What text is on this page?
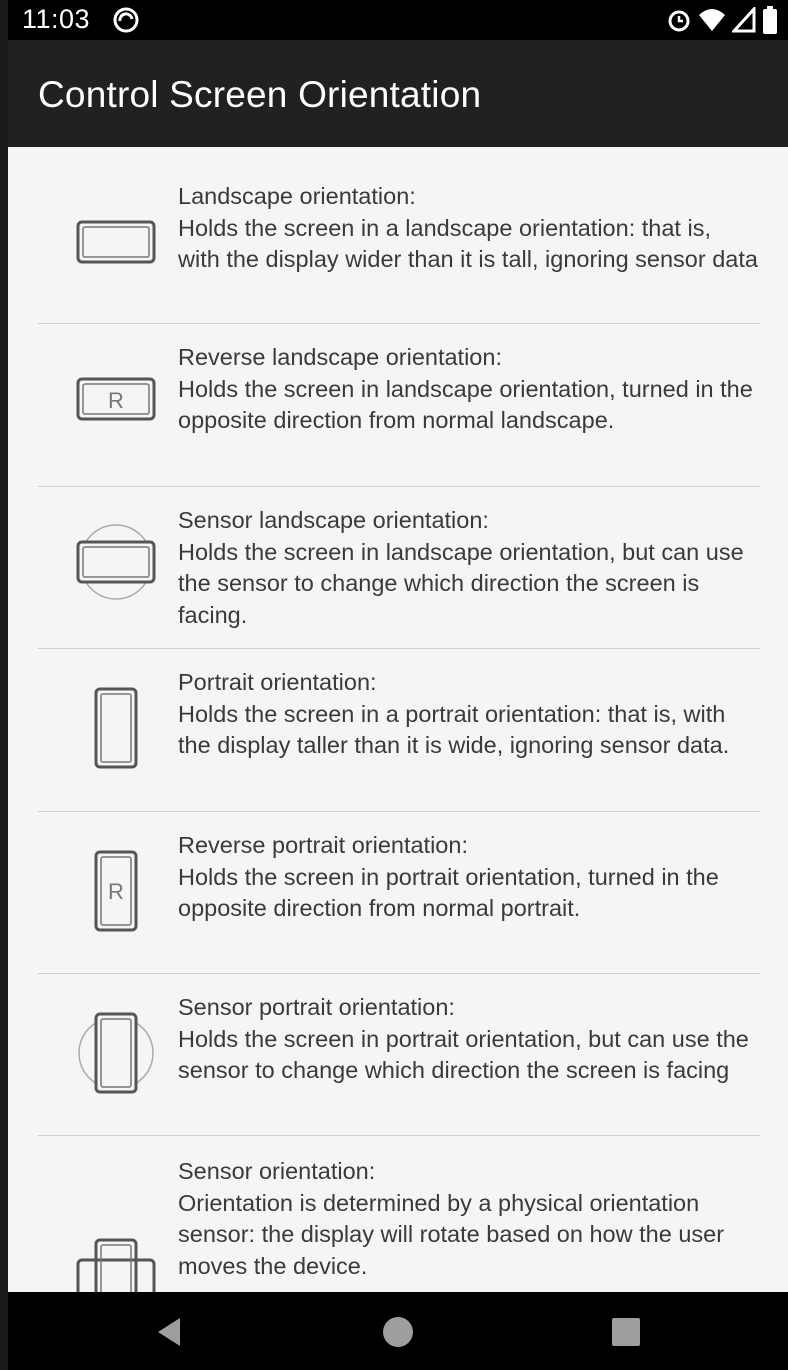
11:03
Control Screen Orientation
Landscape orientation:
Holds the screen in a landscape orientation: that is, with the display wider than it is tall, ignoring sensor data
R
Reverse landscape orientation:
Holds the screen in landscape orientation, turned in the opposite direction from normal landscape.
Sensor landscape orientation:
Holds the screen in landscape orientation, but can use the sensor to change which direction the screen is facing.
Portrait orientation:
Holds the screen in a portrait orientation: that is, with the display taller than it is wide, ignoring sensor data.
R
Reverse portrait orientation:
Holds the screen in portrait orientation, turned in the opposite direction from normal portrait.
Sensor portrait orientation:
Holds the screen in portrait orientation, but can use the sensor to change which direction the screen is facing
Sensor orientation:
Orientation is determined by a physical orientation sensor: the display will rotate based on how the user moves the device.
